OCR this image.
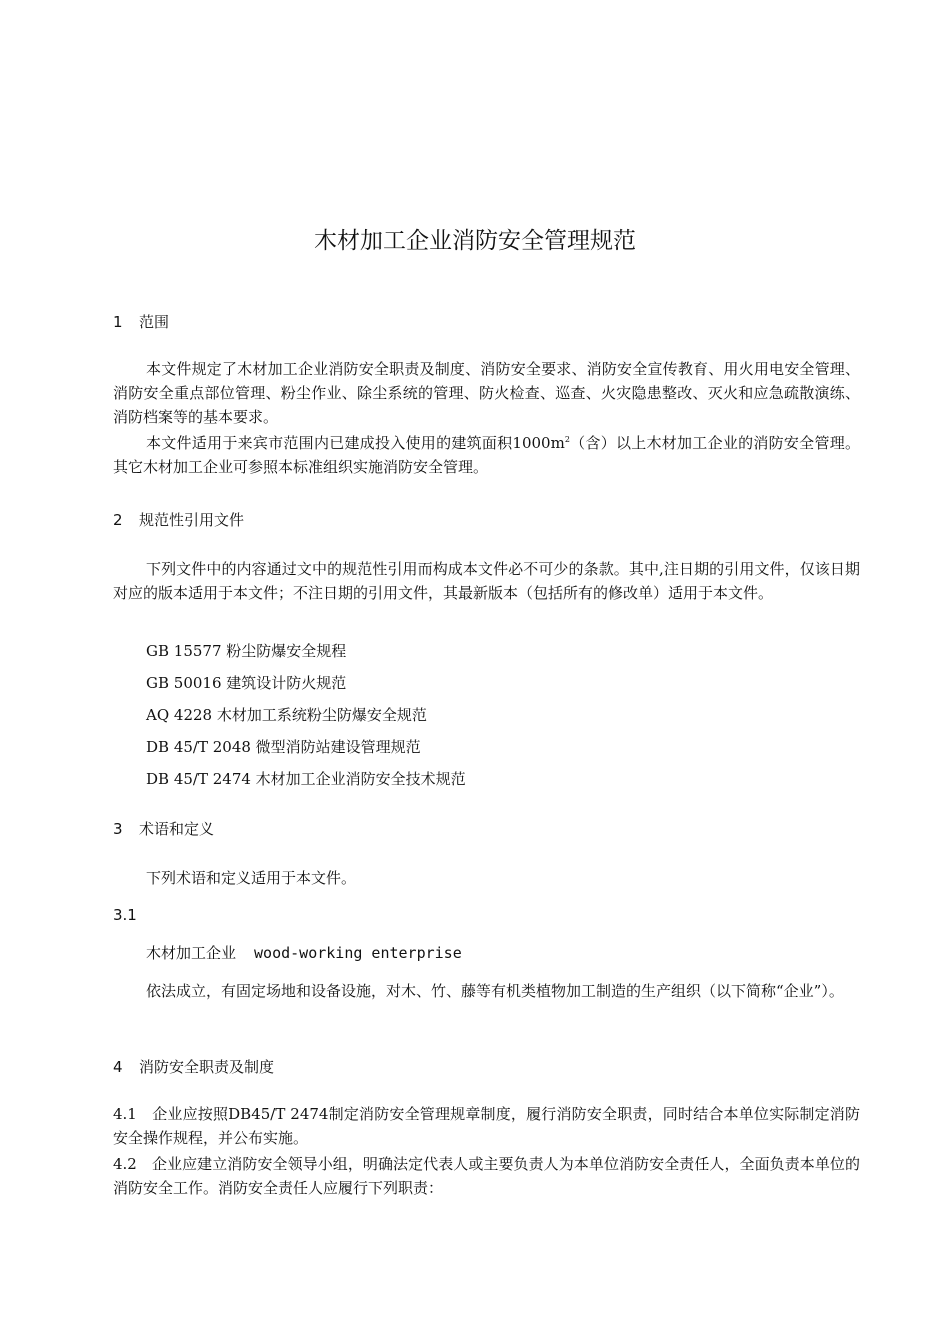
木材加工企业消防安全管理规范
1 范围
本文件规定了木材加工企业消防安全职责及制度、消防安全要求、消防安全宣传教育、用火用电安全管理、消防安全重点部位管理、粉尘作业、除尘系统的管理、防火检查、巡查、火灾隐患整改、灭火和应急疏散演练、消防档案等的基本要求。
本文件适用于来宾市范围内已建成投入使用的建筑面积$1000m^2$（含）以上木材加工企业的消防安全管理。其它木材加工企业可参照本标准组织实施消防安全管理。
2 规范性引用文件
下列文件中的内容通过文中的规范性引用而构成本文件必不可少的条款。其中,注日期的引用文件，仅该日期对应的版本适用于本文件；不注日期的引用文件，其最新版本（包括所有的修改单）适用于本文件。
GB 15577 粉尘防爆安全规程
GB 50016 建筑设计防火规范
AQ 4228 木材加工系统粉尘防爆安全规范
DB 45/T 2048 微型消防站建设管理规范
DB 45/T 2474 木材加工企业消防安全技术规范
3 术语和定义
下列术语和定义适用于本文件。
3.1
木材加工企业 wood-working enterprise
依法成立，有固定场地和设备设施，对木、竹、藤等有机类植物加工制造的生产组织（以下简称“企业”）。
4 消防安全职责及制度
4.1　企业应按照DB45/T 2474制定消防安全管理规章制度，履行消防安全职责，同时结合本单位实际制定消防安全操作规程，并公布实施。
4.2　企业应建立消防安全领导小组，明确法定代表人或主要负责人为本单位消防安全责任人，全面负责本单位的消防安全工作。消防安全责任人应履行下列职责：
